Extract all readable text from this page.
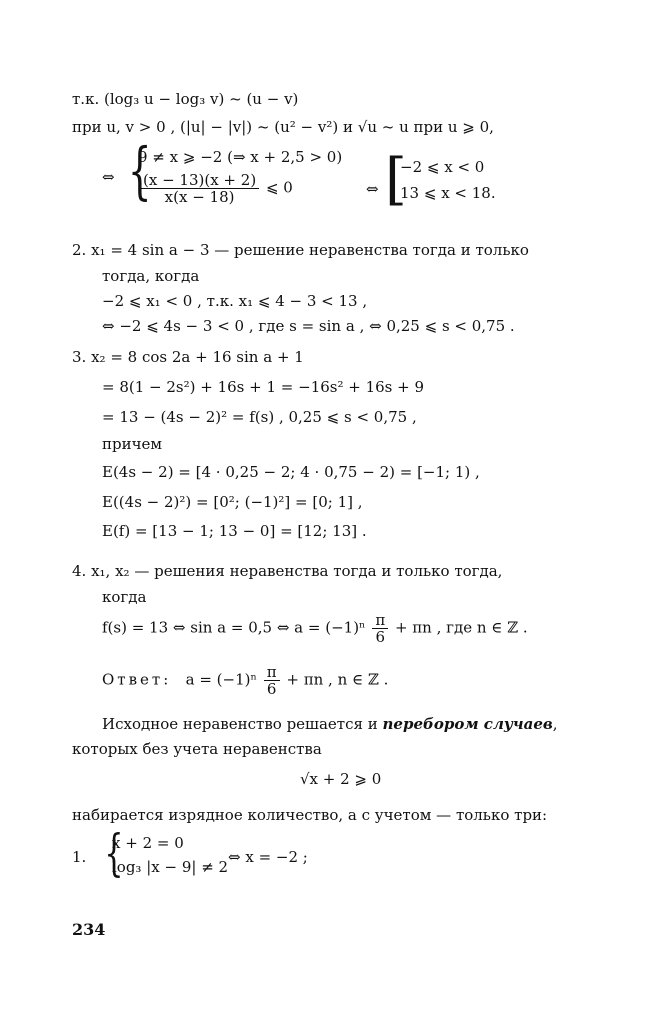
т.к. (log₃ u − log₃ v) ~ (u − v)
при u, v > 0 , (|u| − |v|) ~ (u² − v²) и √u ~ u при u ⩾ 0,
⇔ {
9 ≠ x ⩾ −2 (⇒ x + 2,5 > 0)
$\frac{(x - 13)(x + 2)}{x(x - 18)}$ ⩽ 0	⇔ [
−2 ⩽ x < 0
13 ⩽ x < 18.
2. x₁ = 4 sin a − 3 — решение неравенства тогда и только
тогда, когда
−2 ⩽ x₁ < 0 , т.к. x₁ ⩽ 4 − 3 < 13 ,
⇔ −2 ⩽ 4s − 3 < 0 , где s = sin a , ⇔ 0,25 ⩽ s < 0,75 .
3. x₂ = 8 cos 2a + 16 sin a + 1
= 8(1 − 2s²) + 16s + 1 = −16s² + 16s + 9
= 13 − (4s − 2)² = f(s) , 0,25 ⩽ s < 0,75 ,
причем
E(4s − 2) = [4 · 0,25 − 2; 4 · 0,75 − 2) = [−1; 1) ,
E((4s − 2)²) = [0²; (−1)²] = [0; 1] ,
E(f) = [13 − 1; 13 − 0] = [12; 13] .
4. x₁, x₂ — решения неравенства тогда и только тогда,
когда
f(s) = 13 ⇔ sin a = 0,5 ⇔ $a = (-1)^n \frac{\pi}{6} + \pi n$ , где n ∈ ℤ .
Ответ: $a = (-1)^n \frac{\pi}{6} + \pi n$ , n ∈ ℤ .
Исходное неравенство решается и перебором случаев,
которых без учета неравенства
√x + 2 ⩾ 0
набирается изрядное количество, а с учетом — только три:
1. {
x + 2 = 0
log₃ |x − 9| ≠ 2
⇔ x = −2 ;
234
